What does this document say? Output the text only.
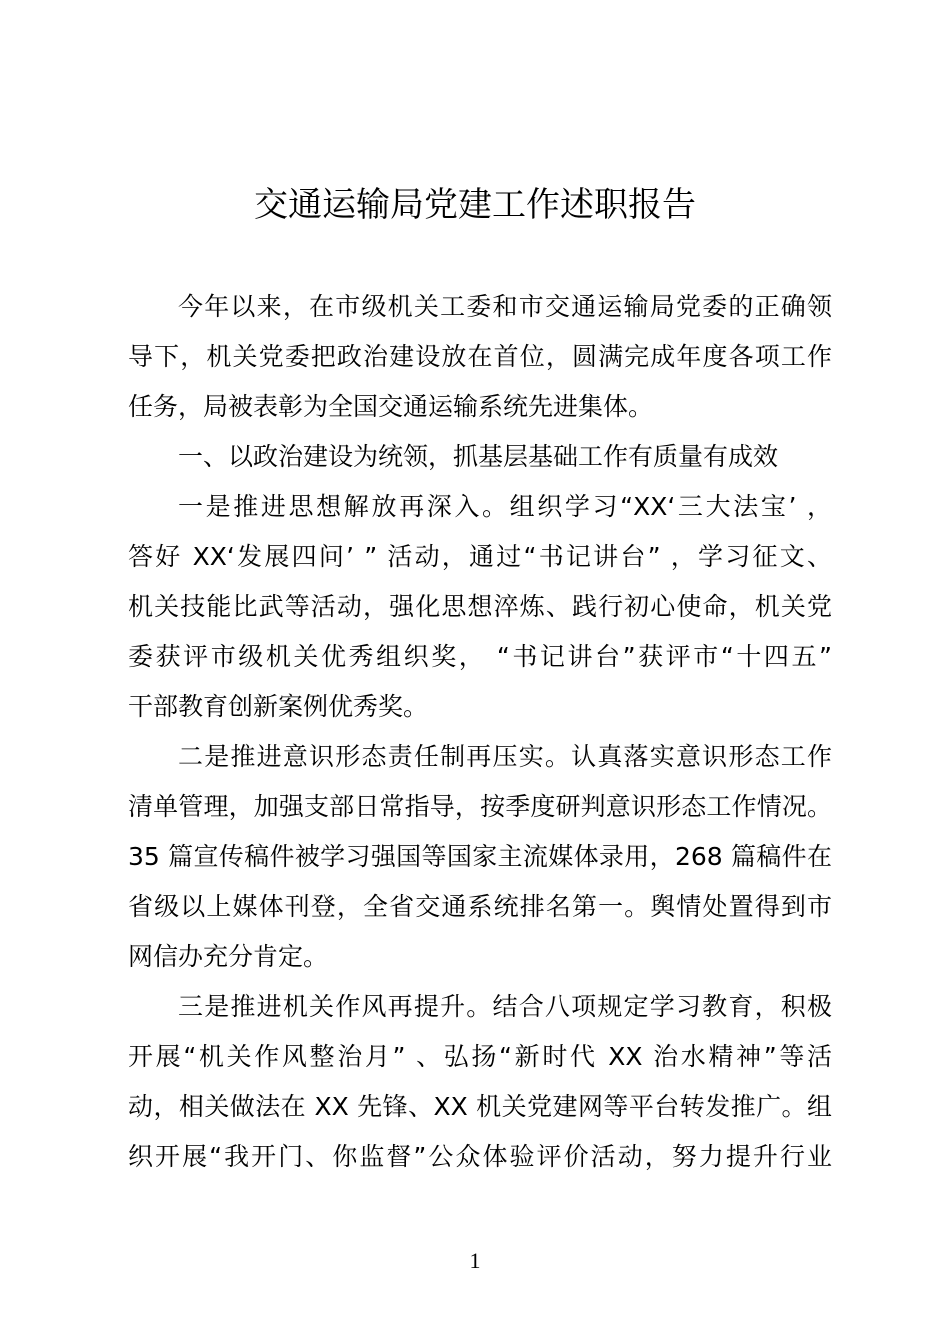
交通运输局党建工作述职报告
今年以来，在市级机关工委和市交通运输局党委的正确领
导下，机关党委把政治建设放在首位，圆满完成年度各项工作
任务，局被表彰为全国交通运输系统先进集体。
一、以政治建设为统领，抓基层基础工作有质量有成效
一是推进思想解放再深入。组织学习“XX‘三大法宝’ ，
答好 XX‘发展四问’ ” 活动，通过“书记讲台” ，学习征文、
机关技能比武等活动，强化思想淬炼、践行初心使命，机关党
委获评市级机关优秀组织奖， “书记讲台”获评市“十四五”
干部教育创新案例优秀奖。
二是推进意识形态责任制再压实。认真落实意识形态工作
清单管理，加强支部日常指导，按季度研判意识形态工作情况。
35 篇宣传稿件被学习强国等国家主流媒体录用，268 篇稿件在
省级以上媒体刊登，全省交通系统排名第一。舆情处置得到市
网信办充分肯定。
三是推进机关作风再提升。结合八项规定学习教育，积极
开展“机关作风整治月” 、弘扬“新时代 XX 治水精神”等活
动，相关做法在 XX 先锋、XX 机关党建网等平台转发推广。组
织开展“我开门、你监督”公众体验评价活动，努力提升行业
1
